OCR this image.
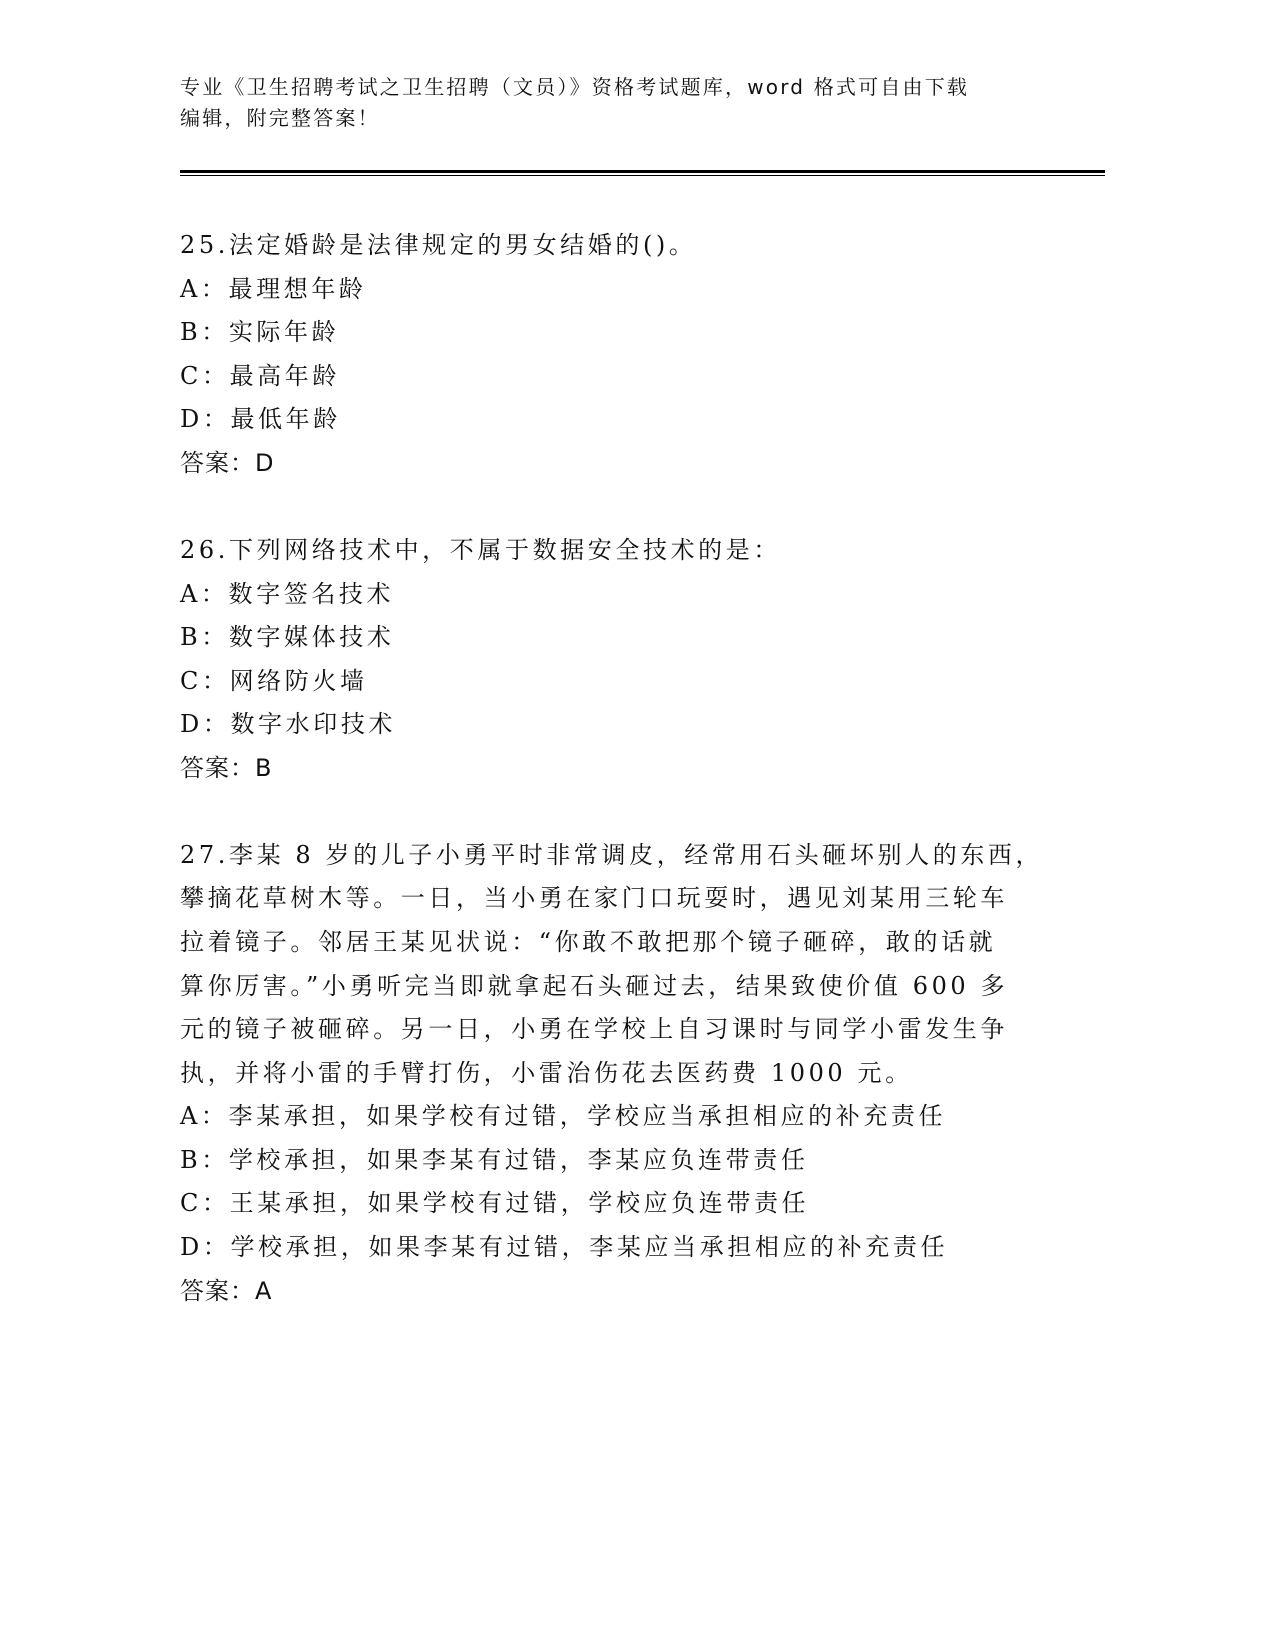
专业《卫生招聘考试之卫生招聘（文员）》资格考试题库，word 格式可自由下载
编辑，附完整答案！
25.法定婚龄是法律规定的男女结婚的()。
A：最理想年龄
B：实际年龄
C：最高年龄
D：最低年龄
答案：D
26.下列网络技术中，不属于数据安全技术的是：
A：数字签名技术
B：数字媒体技术
C：网络防火墙
D：数字水印技术
答案：B
27.李某 8 岁的儿子小勇平时非常调皮，经常用石头砸坏别人的东西，
攀摘花草树木等。一日，当小勇在家门口玩耍时，遇见刘某用三轮车
拉着镜子。邻居王某见状说：“你敢不敢把那个镜子砸碎，敢的话就
算你厉害。”小勇听完当即就拿起石头砸过去，结果致使价值 600 多
元的镜子被砸碎。另一日，小勇在学校上自习课时与同学小雷发生争
执，并将小雷的手臂打伤，小雷治伤花去医药费 1000 元。
A：李某承担，如果学校有过错，学校应当承担相应的补充责任
B：学校承担，如果李某有过错，李某应负连带责任
C：王某承担，如果学校有过错，学校应负连带责任
D：学校承担，如果李某有过错，李某应当承担相应的补充责任
答案：A
